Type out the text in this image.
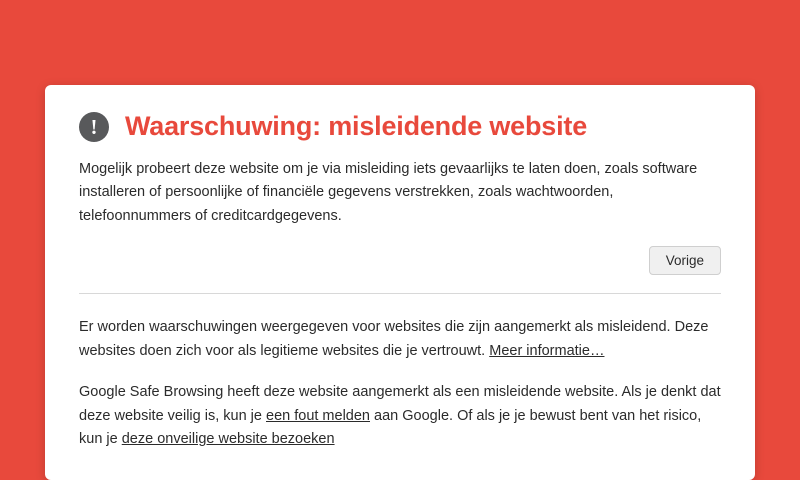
!	Waarschuwing: misleidende website

Mogelijk probeert deze website om je via misleiding iets gevaarlijks te laten doen, zoals software installeren of persoonlijke of financiële gegevens verstrekken, zoals wachtwoorden, telefoonnummers of creditcardgegevens.

Vorige

Er worden waarschuwingen weergegeven voor websites die zijn aangemerkt als misleidend. Deze websites doen zich voor als legitieme websites die je vertrouwt. Meer informatie…

Google Safe Browsing heeft deze website aangemerkt als een misleidende website. Als je denkt dat deze website veilig is, kun je een fout melden aan Google. Of als je je bewust bent van het risico, kun je deze onveilige website bezoeken
